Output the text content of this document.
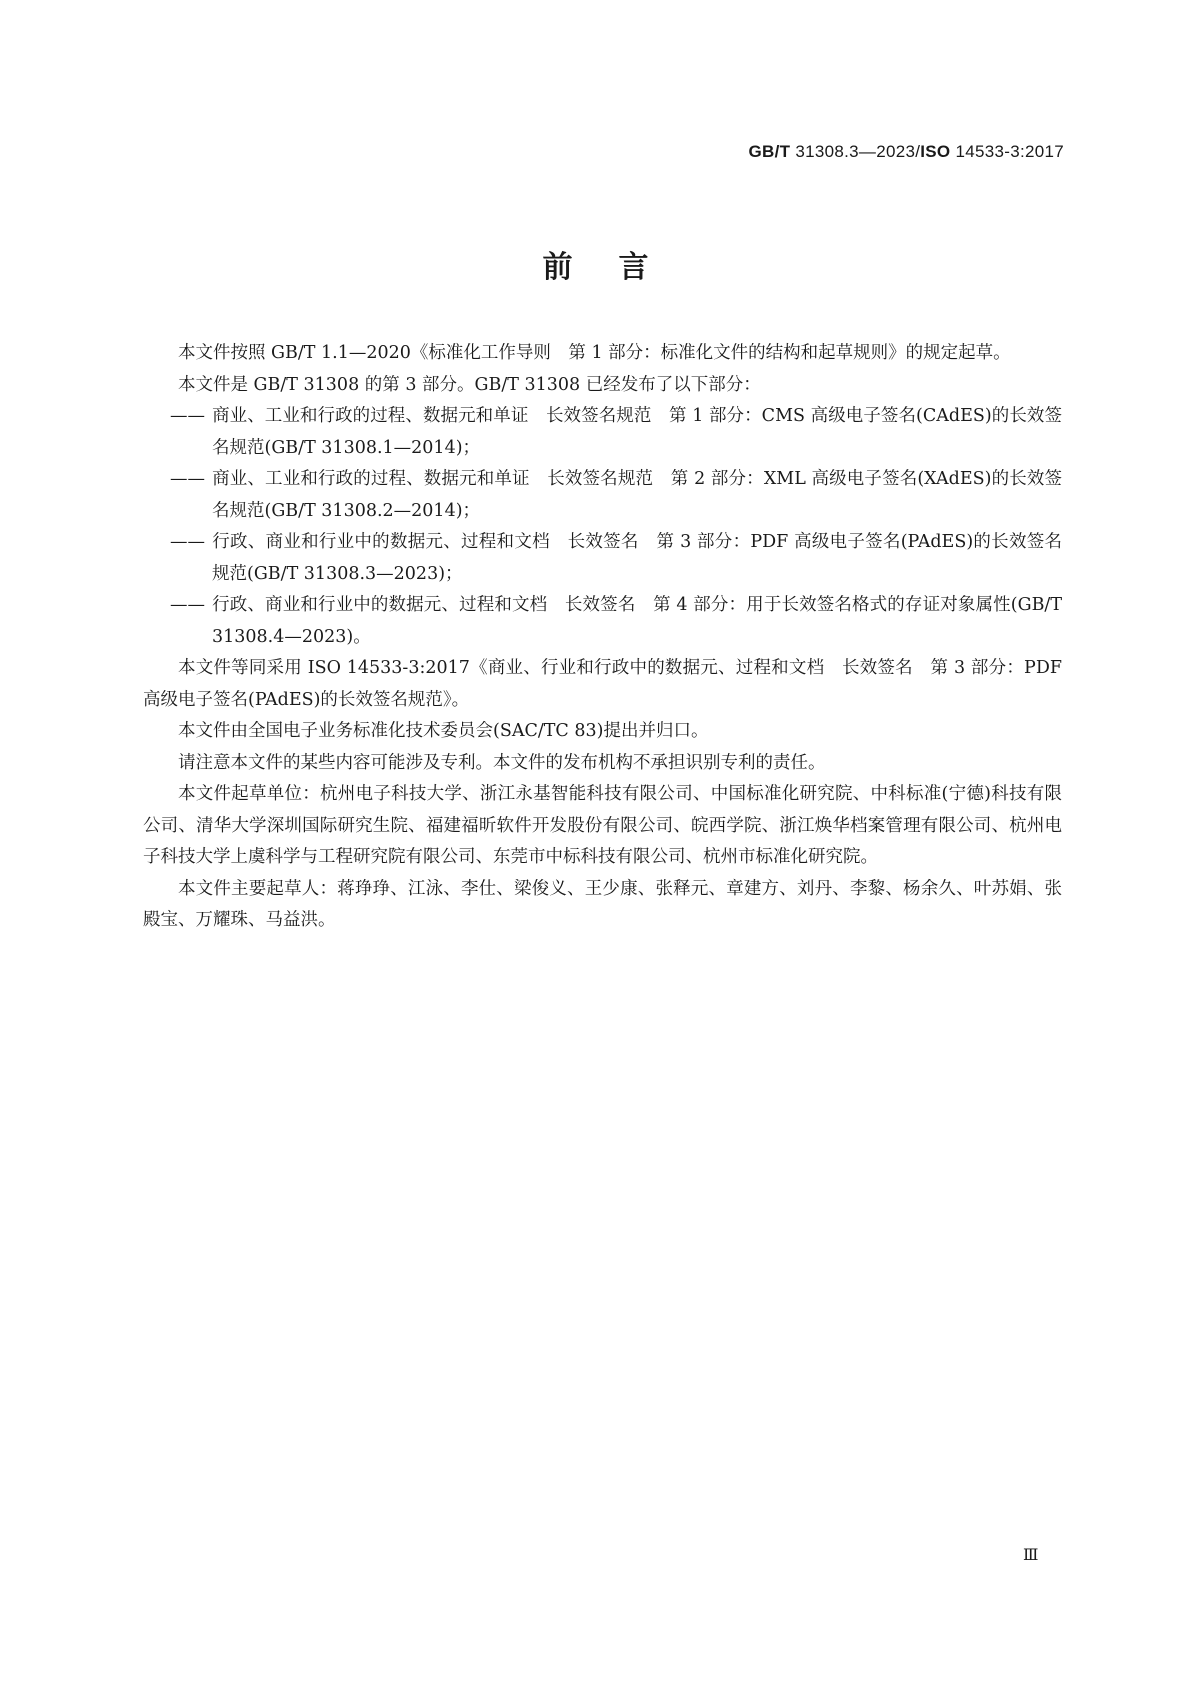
GB/T 31308.3—2023/ISO 14533-3:2017
前言

本文件按照 GB/T 1.1—2020《标准化工作导则　第 1 部分：标准化文件的结构和起草规则》的规定起草。

本文件是 GB/T 31308 的第 3 部分。GB/T 31308 已经发布了以下部分：

—— 商业、工业和行政的过程、数据元和单证　长效签名规范　第 1 部分：CMS 高级电子签名(CAdES)的长效签名规范(GB/T 31308.1—2014)；

—— 商业、工业和行政的过程、数据元和单证　长效签名规范　第 2 部分：XML 高级电子签名(XAdES)的长效签名规范(GB/T 31308.2—2014)；

—— 行政、商业和行业中的数据元、过程和文档　长效签名　第 3 部分：PDF 高级电子签名(PAdES)的长效签名规范(GB/T 31308.3—2023)；

—— 行政、商业和行业中的数据元、过程和文档　长效签名　第 4 部分：用于长效签名格式的存证对象属性(GB/T 31308.4—2023)。

本文件等同采用 ISO 14533-3:2017《商业、行业和行政中的数据元、过程和文档　长效签名　第 3 部分：PDF 高级电子签名(PAdES)的长效签名规范》。

本文件由全国电子业务标准化技术委员会(SAC/TC 83)提出并归口。

请注意本文件的某些内容可能涉及专利。本文件的发布机构不承担识别专利的责任。

本文件起草单位：杭州电子科技大学、浙江永基智能科技有限公司、中国标准化研究院、中科标准(宁德)科技有限公司、清华大学深圳国际研究生院、福建福昕软件开发股份有限公司、皖西学院、浙江焕华档案管理有限公司、杭州电子科技大学上虞科学与工程研究院有限公司、东莞市中标科技有限公司、杭州市标准化研究院。

本文件主要起草人：蒋琤琤、江泳、李仕、梁俊义、王少康、张释元、章建方、刘丹、李黎、杨余久、叶苏娟、张殿宝、万耀珠、马益洪。

Ⅲ
